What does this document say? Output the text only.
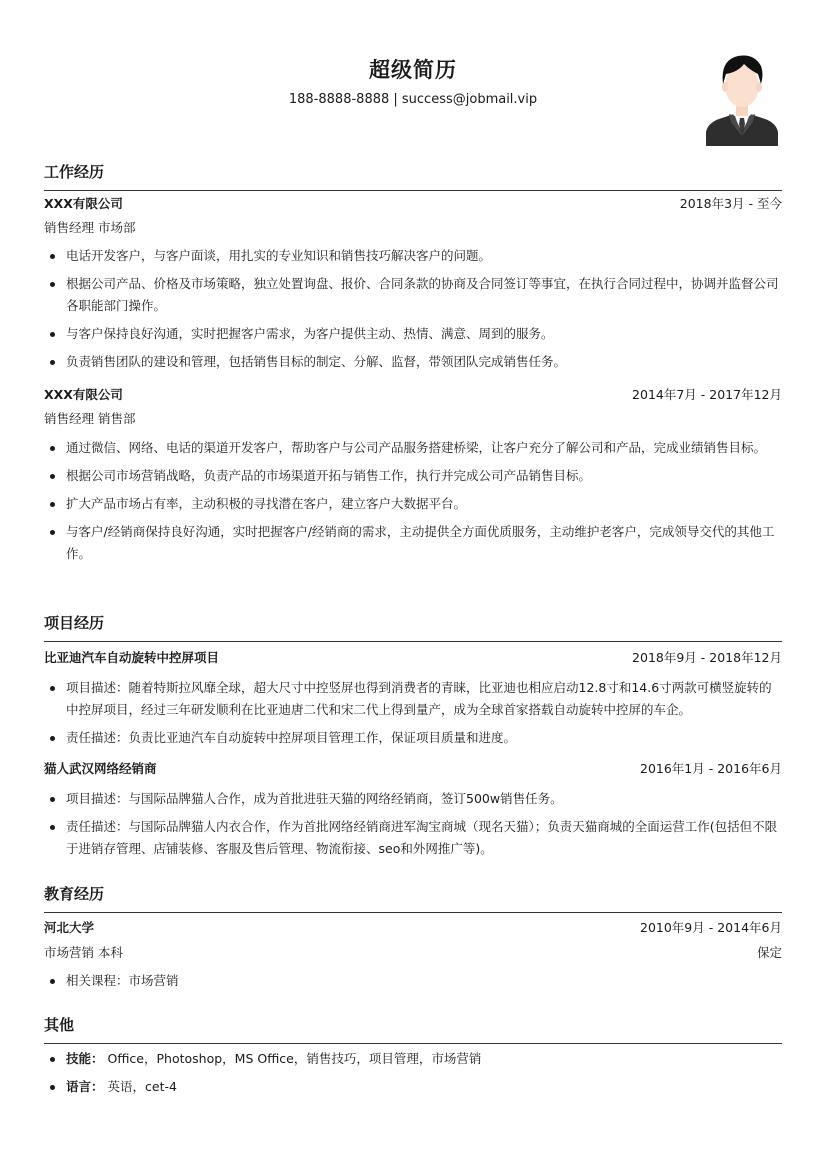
超级简历
188-8888-8888 | success@jobmail.vip
工作经历
XXX有限公司	2018年3月 - 至今
销售经理 市场部
电话开发客户，与客户面谈，用扎实的专业知识和销售技巧解决客户的问题。
根据公司产品、价格及市场策略，独立处置询盘、报价、合同条款的协商及合同签订等事宜，在执行合同过程中，协调并监督公司各职能部门操作。
与客户保持良好沟通，实时把握客户需求，为客户提供主动、热情、满意、周到的服务。
负责销售团队的建设和管理，包括销售目标的制定、分解、监督，带领团队完成销售任务。
XXX有限公司	2014年7月 - 2017年12月
销售经理 销售部
通过微信、网络、电话的渠道开发客户，帮助客户与公司产品服务搭建桥梁，让客户充分了解公司和产品，完成业绩销售目标。
根据公司市场营销战略，负责产品的市场渠道开拓与销售工作，执行并完成公司产品销售目标。
扩大产品市场占有率，主动积极的寻找潜在客户，建立客户大数据平台。
与客户/经销商保持良好沟通，实时把握客户/经销商的需求，主动提供全方面优质服务，主动维护老客户，完成领导交代的其他工作。
项目经历
比亚迪汽车自动旋转中控屏项目	2018年9月 - 2018年12月
项目描述：随着特斯拉风靡全球，超大尺寸中控竖屏也得到消费者的青睐，比亚迪也相应启动12.8寸和14.6寸两款可横竖旋转的中控屏项目，经过三年研发顺利在比亚迪唐二代和宋二代上得到量产，成为全球首家搭载自动旋转中控屏的车企。
责任描述：负责比亚迪汽车自动旋转中控屏项目管理工作，保证项目质量和进度。
猫人武汉网络经销商	2016年1月 - 2016年6月
项目描述：与国际品牌猫人合作，成为首批进驻天猫的网络经销商，签订500w销售任务。
责任描述：与国际品牌猫人内衣合作，作为首批网络经销商进军淘宝商城（现名天猫）；负责天猫商城的全面运营工作(包括但不限于进销存管理、店铺装修、客服及售后管理、物流衔接、seo和外网推广等)。
教育经历
河北大学	2010年9月 - 2014年6月
市场营销 本科	保定
相关课程：市场营销
其他
技能： Office，Photoshop，MS Office，销售技巧，项目管理，市场营销
语言： 英语，cet-4
